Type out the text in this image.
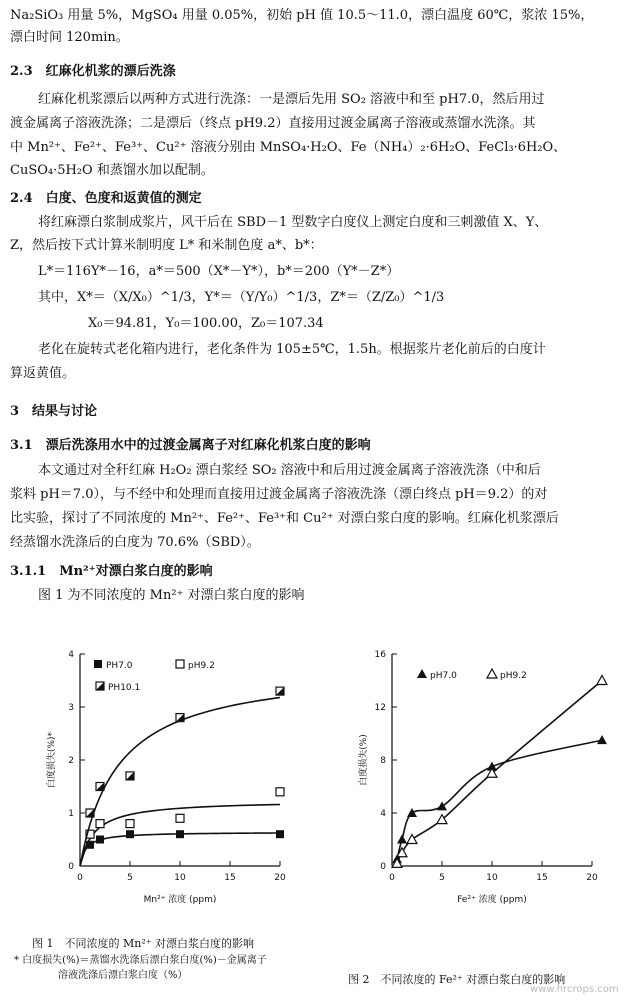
Na₂SiO₃ 用量 5%，MgSO₄ 用量 0.05%，初始 pH 值 10.5～11.0，漂白温度 60℃，浆浓 15%，
漂白时间 120min。
2.3　红麻化机浆的漂后洗涤
红麻化机浆漂后以两种方式进行洗涤：一是漂后先用 SO₂ 溶液中和至 pH7.0，然后用过
渡金属离子溶液洗涤；二是漂后（终点 pH9.2）直接用过渡金属离子溶液或蒸馏水洗涤。其
中 Mn²⁺、Fe²⁺、Fe³⁺、Cu²⁺ 溶液分别由 MnSO₄·H₂O、Fe（NH₄）₂·6H₂O、FeCl₃·6H₂O、
CuSO₄·5H₂O 和蒸馏水加以配制。
2.4　白度、色度和返黄值的测定
将红麻漂白浆制成浆片，风干后在 SBD－1 型数字白度仪上测定白度和三刺激值 X、Y、
Z，然后按下式计算米制明度 L* 和米制色度 a*、b*：
L*＝116Y*－16，a*＝500（X*－Y*），b*＝200（Y*－Z*）
其中，X*＝（X/X₀）^1/3，Y*＝（Y/Y₀）^1/3，Z*＝（Z/Z₀）^1/3
X₀＝94.81，Y₀＝100.00，Z₀＝107.34
老化在旋转式老化箱内进行，老化条件为 105±5℃，1.5h。根据浆片老化前后的白度计
算返黄值。
3　结果与讨论
3.1　漂后洗涤用水中的过渡金属离子对红麻化机浆白度的影响
本文通过对全秆红麻 H₂O₂ 漂白浆经 SO₂ 溶液中和后用过渡金属离子溶液洗涤（中和后
浆料 pH＝7.0），与不经中和处理而直接用过渡金属离子溶液洗涤（漂白终点 pH＝9.2）的对
比实验，探讨了不同浓度的 Mn²⁺、Fe²⁺、Fe³⁺和 Cu²⁺ 对漂白浆白度的影响。红麻化机浆漂后
经蒸馏水洗涤后的白度为 70.6%（SBD）。
3.1.1　Mn²⁺对漂白浆白度的影响
图 1 为不同浓度的 Mn²⁺ 对漂白浆白度的影响
0
1
2
3
4
0	5	10	15	20
白度损失(%)*
Mn²⁺ 浓度 (ppm)
PH7.0	pH9.2
PH10.1
0
4
8
12
16
0	5	10	15	20
白度损失(%)
Fe²⁺ 浓度 (ppm)
pH7.0	pH9.2
图 1　不同浓度的 Mn²⁺ 对漂白浆白度的影响
* 白度损失(%)＝蒸馏水洗涤后漂白浆白度(%)－金属离子
溶液洗涤后漂白浆白度（%）	图 2　不同浓度的 Fe²⁺ 对漂白浆白度的影响
www.hrcrops.com
